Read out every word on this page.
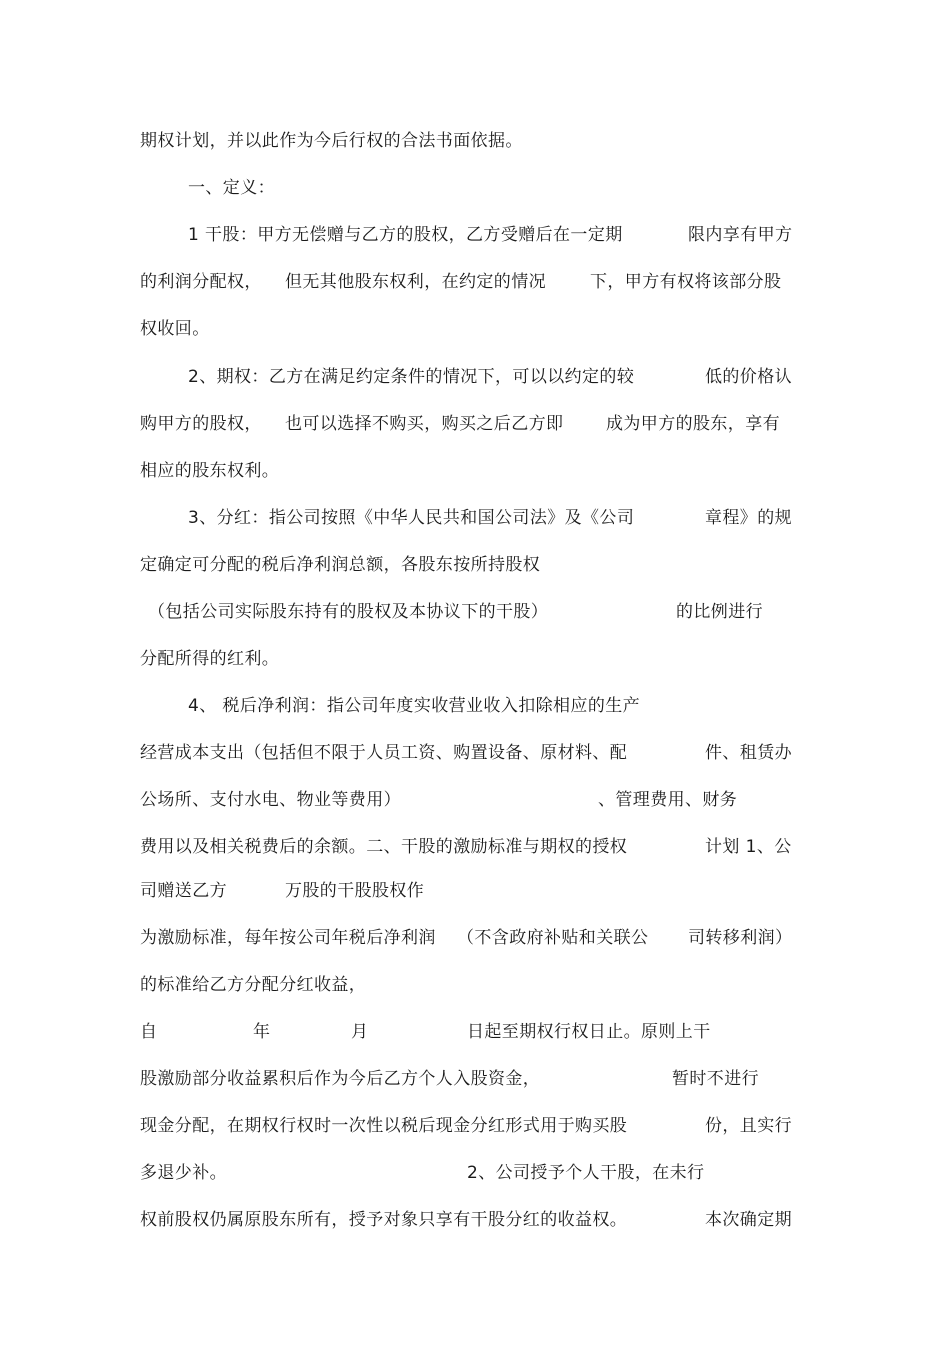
期权计划，并以此作为今后行权的合法书面依据。
一、定义：
1 干股：甲方无偿赠与乙方的股权，乙方受赠后在一定期	限内享有甲方
的利润分配权， 但无其他股东权利，在约定的情况	下，甲方有权将该部分股
权收回。
2、期权：乙方在满足约定条件的情况下，可以以约定的较	低的价格认
购甲方的股权， 也可以选择不购买，购买之后乙方即	成为甲方的股东，享有
相应的股东权利。
3、分红：指公司按照《中华人民共和国公司法》及《公司	章程》的规
定确定可分配的税后净利润总额，各股东按所持股权
（包括公司实际股东持有的股权及本协议下的干股）	的比例进行
分配所得的红利。
4、 税后净利润：指公司年度实收营业收入扣除相应的生产
经营成本支出（包括但不限于人员工资、购置设备、原材料、配	件、租赁办
公场所、支付水电、物业等费用）	、管理费用、财务
费用以及相关税费后的余额。二、干股的激励标准与期权的授权	计划 1、公
司赠送乙方	万股的干股股权作
为激励标准，每年按公司年税后净利润 （不含政府补贴和关联公 司转移利润）
的标准给乙方分配分红收益，
自	年	月	日起至期权行权日止。原则上干
股激励部分收益累积后作为今后乙方个人入股资金，	暂时不进行
现金分配，在期权行权时一次性以税后现金分红形式用于购买股	份，且实行
多退少补。	2、公司授予个人干股，在未行
权前股权仍属原股东所有，授予对象只享有干股分红的收益权。	本次确定期
